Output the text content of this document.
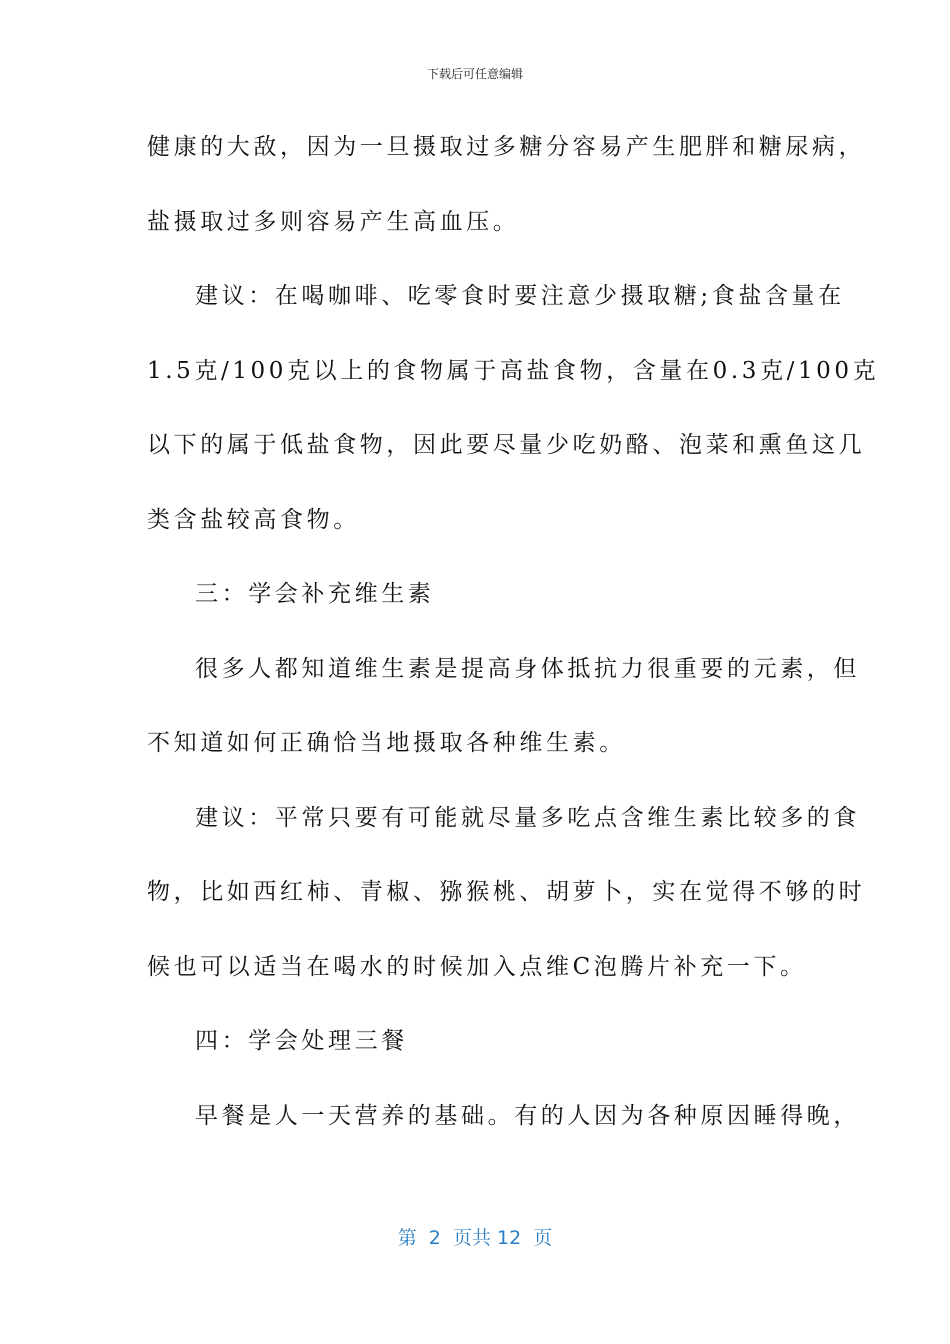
下载后可任意编辑
健康的大敌，因为一旦摄取过多糖分容易产生肥胖和糖尿病，
盐摄取过多则容易产生高血压。
建议：在喝咖啡、吃零食时要注意少摄取糖;食盐含量在
1.5克/100克以上的食物属于高盐食物，含量在0.3克/100克
以下的属于低盐食物，因此要尽量少吃奶酪、泡菜和熏鱼这几
类含盐较高食物。
三：学会补充维生素
很多人都知道维生素是提高身体抵抗力很重要的元素，但
不知道如何正确恰当地摄取各种维生素。
建议：平常只要有可能就尽量多吃点含维生素比较多的食
物，比如西红柿、青椒、猕猴桃、胡萝卜，实在觉得不够的时
候也可以适当在喝水的时候加入点维C泡腾片补充一下。
四：学会处理三餐
早餐是人一天营养的基础。有的人因为各种原因睡得晚，
第  2  页共 12  页
